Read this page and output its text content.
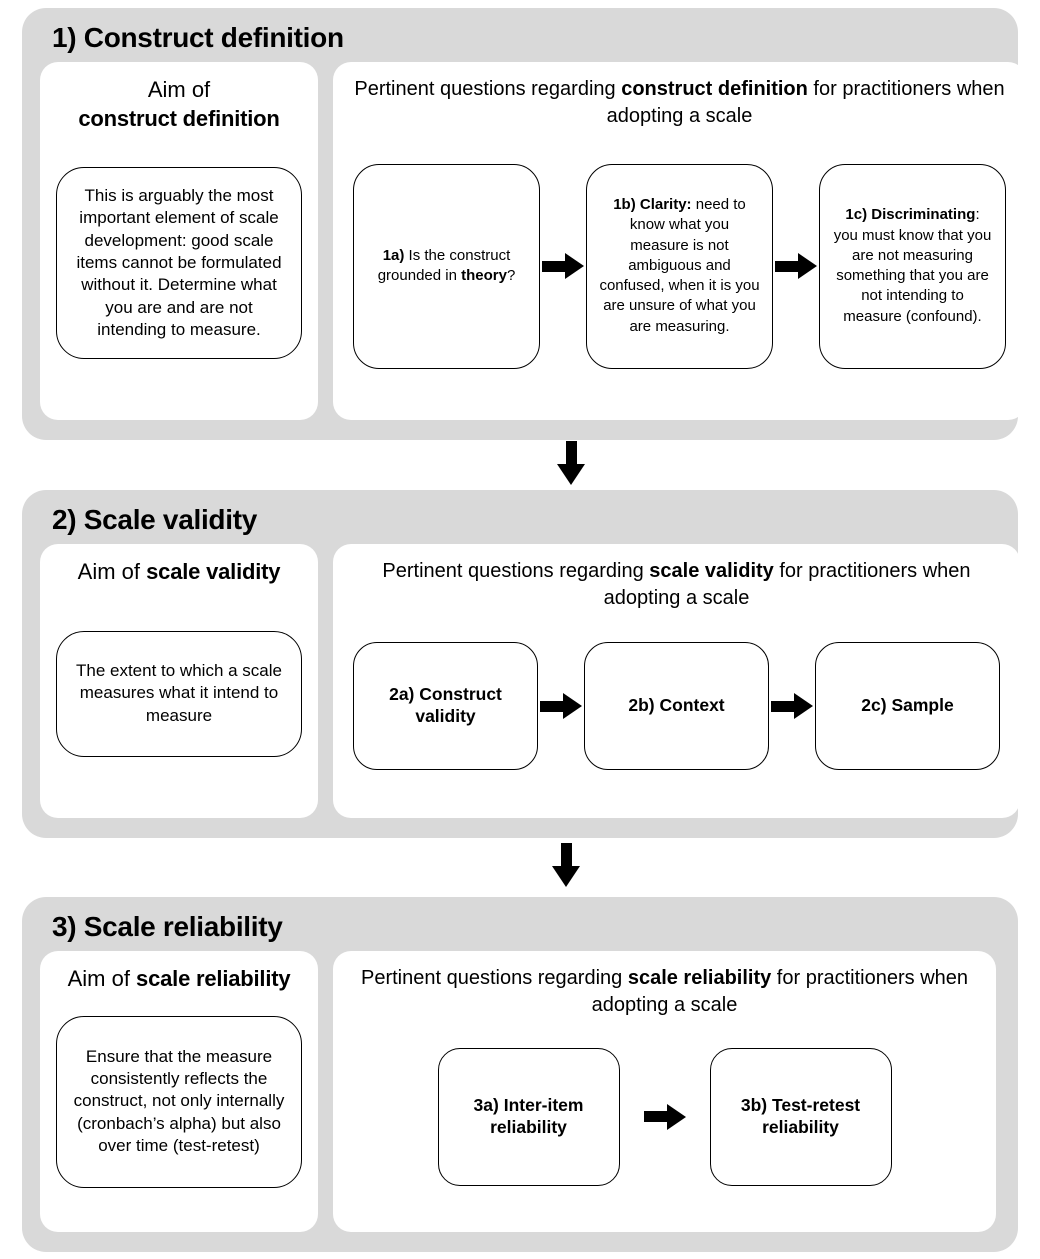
1) Construct definition
Aim of
construct definition
This is arguably the most important element of scale development: good scale items cannot be formulated without it. Determine what you are and are not intending to measure.
Pertinent questions regarding construct definition for practitioners when adopting a scale
1a) Is the construct grounded in theory?
1b) Clarity: need to know what you measure is not ambiguous and confused, when it is you are unsure of what you are measuring.
1c) Discriminating: you must know that you are not measuring something that you are not intending to measure (confound).
2) Scale validity
Aim of scale validity
The extent to which a scale measures what it intend to measure
Pertinent questions regarding scale validity for practitioners when adopting a scale
2a) Construct validity
2b) Context	2c) Sample
3) Scale reliability
Aim of scale reliability
Ensure that the measure consistently reflects the construct, not only internally (cronbach’s alpha) but also over time (test-retest)
Pertinent questions regarding scale reliability for practitioners when adopting a scale
3a) Inter-item reliability
3b) Test-retest reliability
